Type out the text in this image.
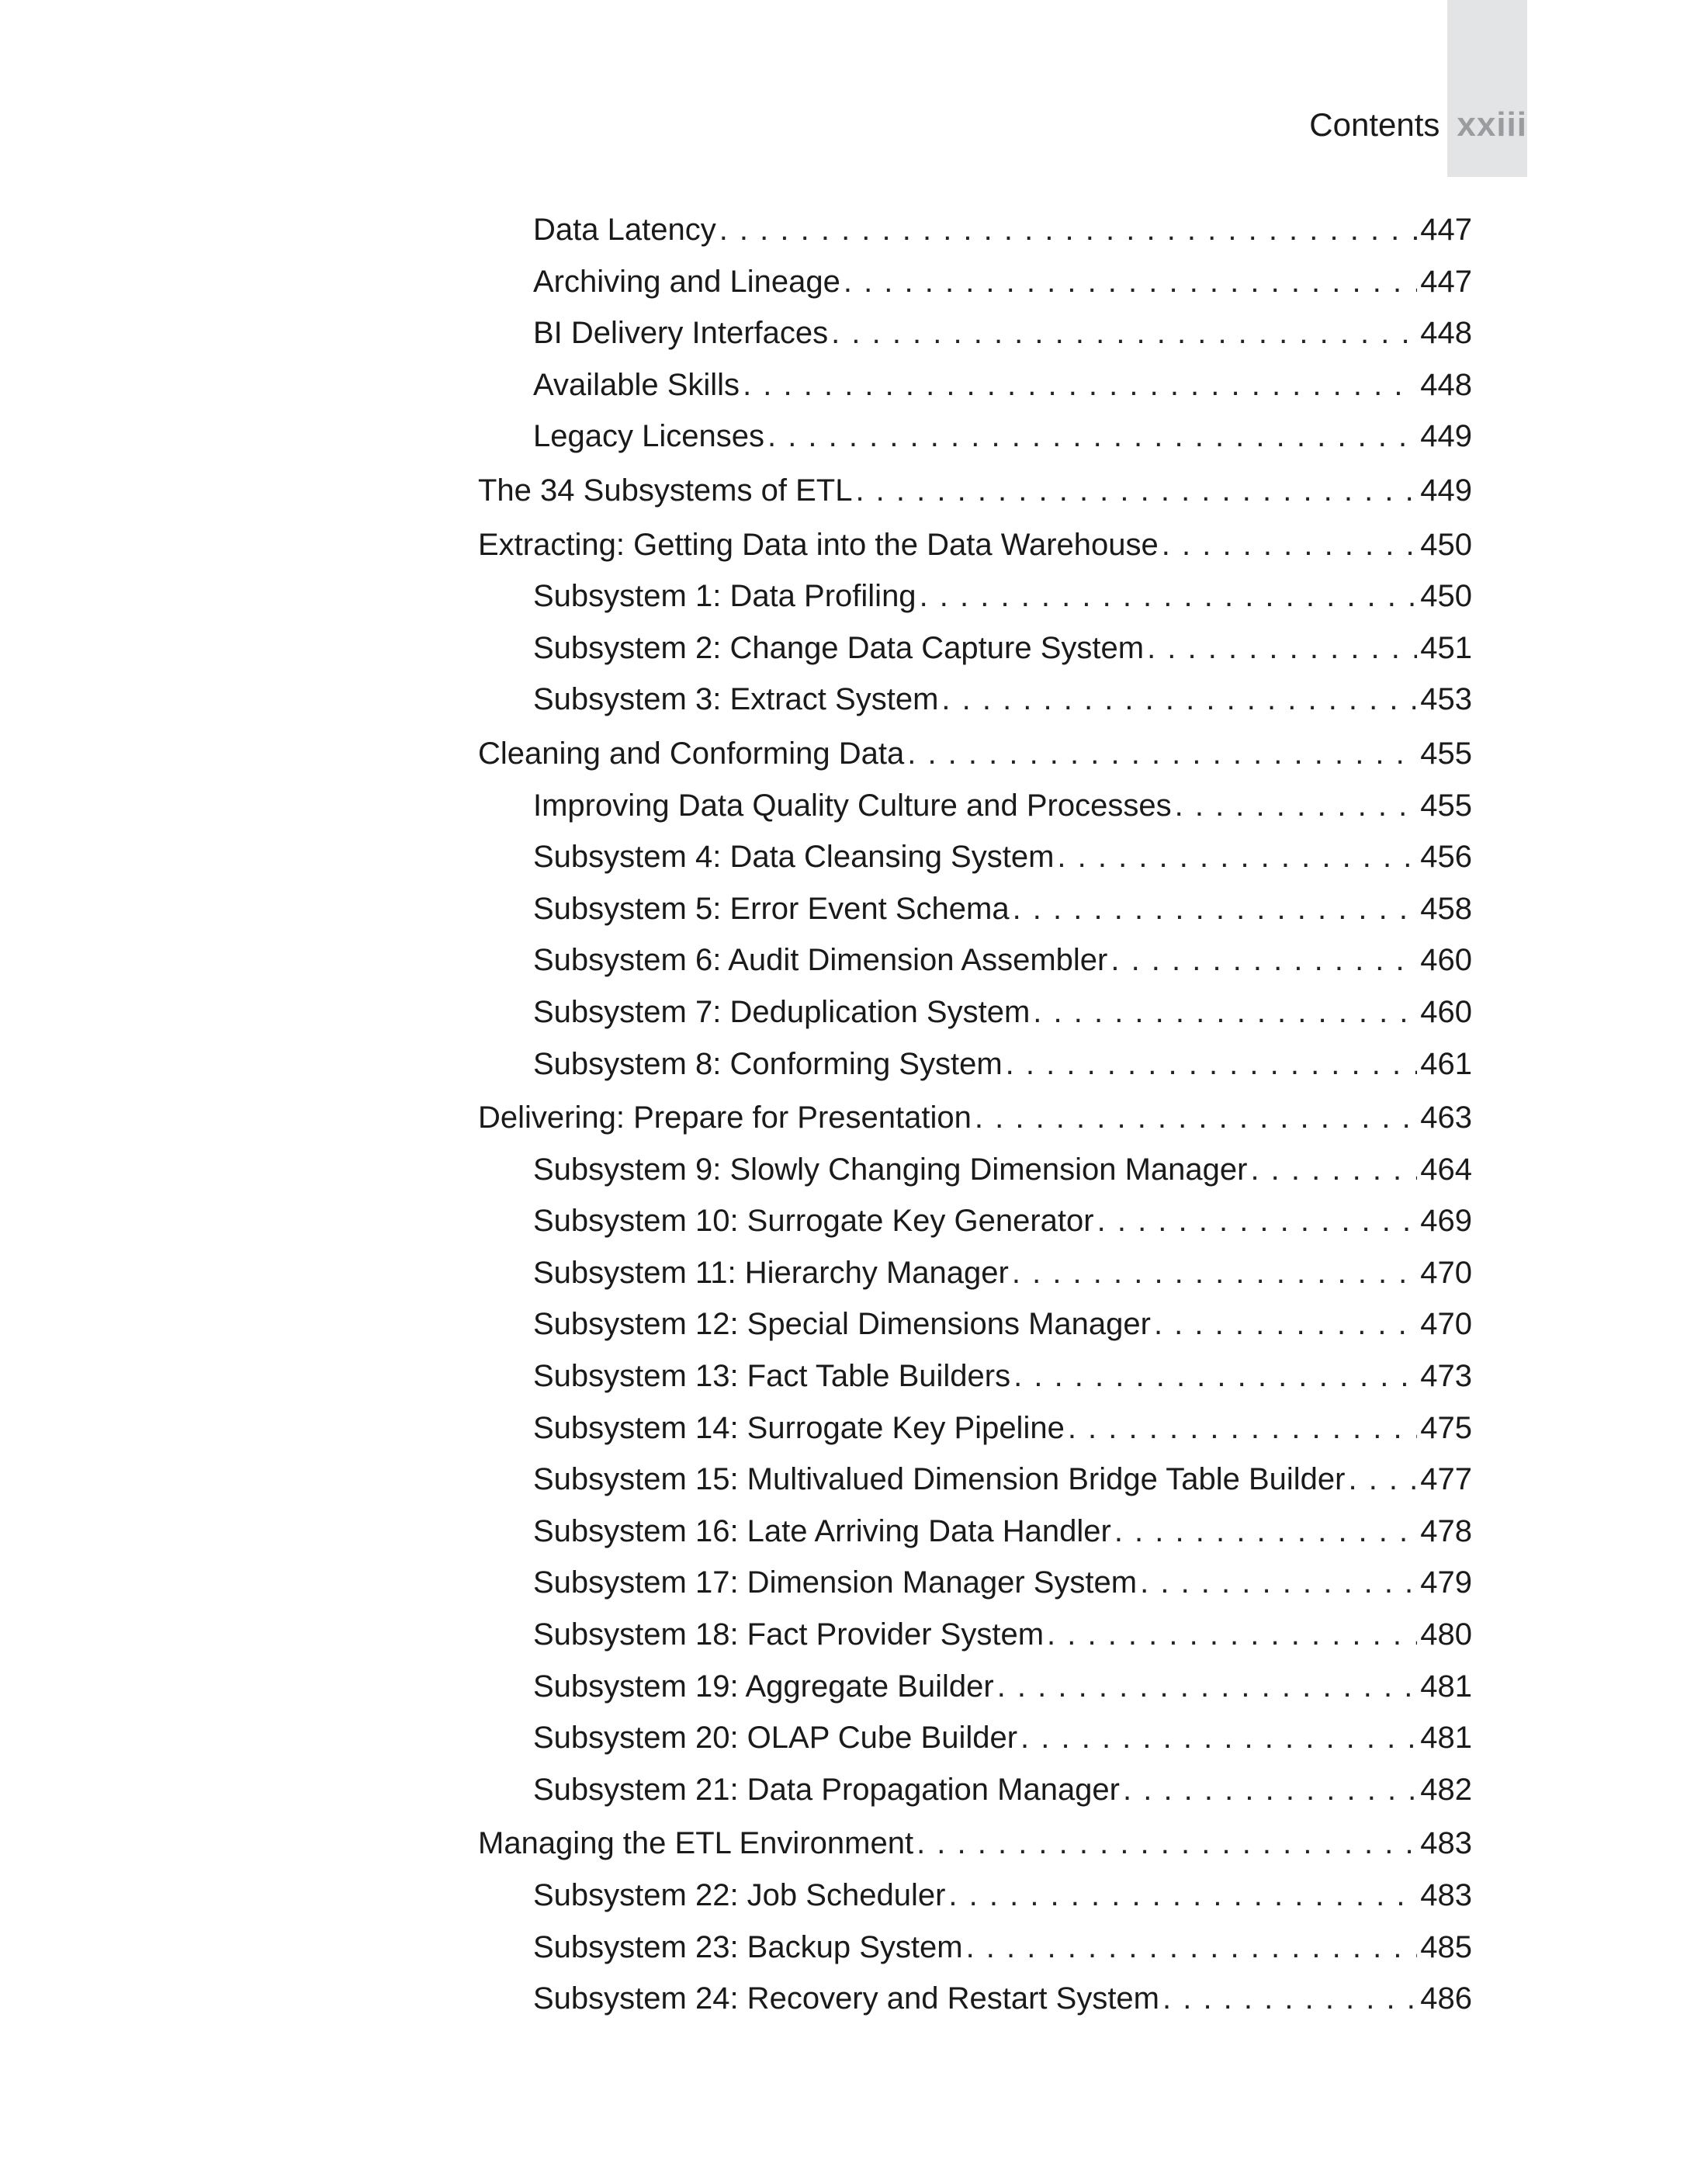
Contents xxiii
Data Latency . . .	447
Archiving and Lineage . . .	447
BI Delivery Interfaces . . .	448
Available Skills . . .	448
Legacy Licenses . . .	449
The 34 Subsystems of ETL . . .	449
Extracting: Getting Data into the Data Warehouse . . .	450
Subsystem 1: Data Profiling . . .	450
Subsystem 2: Change Data Capture System . . .	451
Subsystem 3: Extract System . . .	453
Cleaning and Conforming Data . . .	455
Improving Data Quality Culture and Processes . . .	455
Subsystem 4: Data Cleansing System . . .	456
Subsystem 5: Error Event Schema . . .	458
Subsystem 6: Audit Dimension Assembler . . .	460
Subsystem 7: Deduplication System . . .	460
Subsystem 8: Conforming System . . .	461
Delivering: Prepare for Presentation . . .	463
Subsystem 9: Slowly Changing Dimension Manager . . .	464
Subsystem 10: Surrogate Key Generator . . .	469
Subsystem 11: Hierarchy Manager . . .	470
Subsystem 12: Special Dimensions Manager . . .	470
Subsystem 13: Fact Table Builders . . .	473
Subsystem 14: Surrogate Key Pipeline . . .	475
Subsystem 15: Multivalued Dimension Bridge Table Builder . . . 477
Subsystem 16: Late Arriving Data Handler . . .	478
Subsystem 17: Dimension Manager System . . .	479
Subsystem 18: Fact Provider System . . .	480
Subsystem 19: Aggregate Builder . . .	481
Subsystem 20: OLAP Cube Builder . . .	481
Subsystem 21: Data Propagation Manager . . .	482
Managing the ETL Environment . . .	483
Subsystem 22: Job Scheduler . . .	483
Subsystem 23: Backup System . . .	485
Subsystem 24: Recovery and Restart System . . .	486
